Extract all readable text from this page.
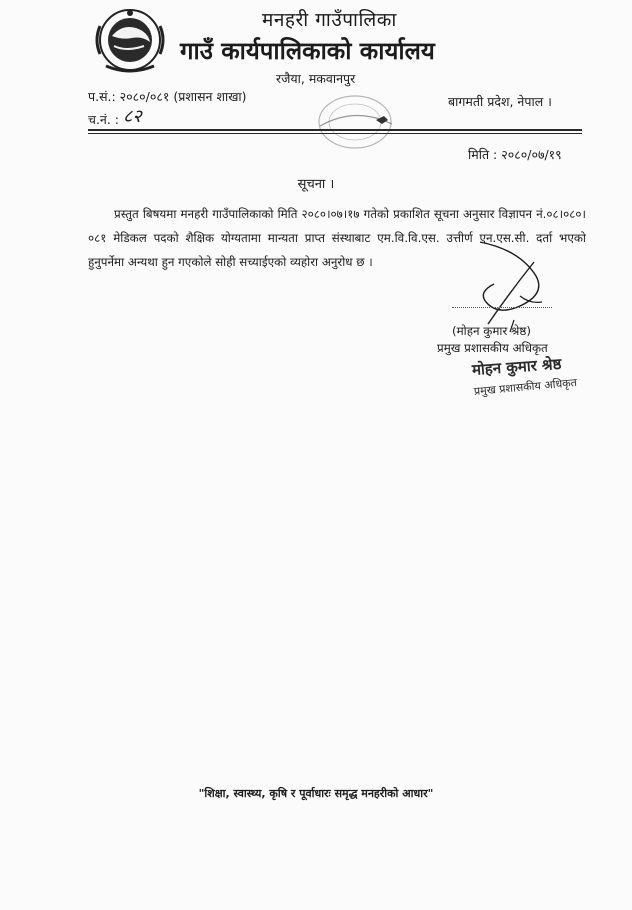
मनहरी गाउँपालिका
गाउँ कार्यपालिकाको कार्यालय
रजैया, मकवानपुर
प.सं.: २०८०/०८१ (प्रशासन शाखा)
च.नं. : ८२
बागमती प्रदेश, नेपाल ।
मिति : २०८०/०७/१९
सूचना ।

प्रस्तुत बिषयमा मनहरी गाउँपालिकाको मिति २०८०।०७।१७ गतेको प्रकाशित सूचना अनुसार विज्ञापन नं.०८।०८०।०८१ मेडिकल पदको शैक्षिक योग्यतामा मान्यता प्राप्त संस्थाबाट एम.वि.वि.एस. उत्तीर्ण एन.एस.सी. दर्ता भएको हुनुपर्नेमा अन्यथा हुन गएकोले सोही सच्याईएको व्यहोरा अनुरोध छ ।

(मोहन कुमार श्रेष्ठ)
प्रमुख प्रशासकीय अधिकृत
मोहन कुमार श्रेष्ठ
प्रमुख प्रशासकीय अधिकृत
"शिक्षा, स्वास्थ्य, कृषि र पूर्वाधारः समृद्ध मनहरीको आधार"
